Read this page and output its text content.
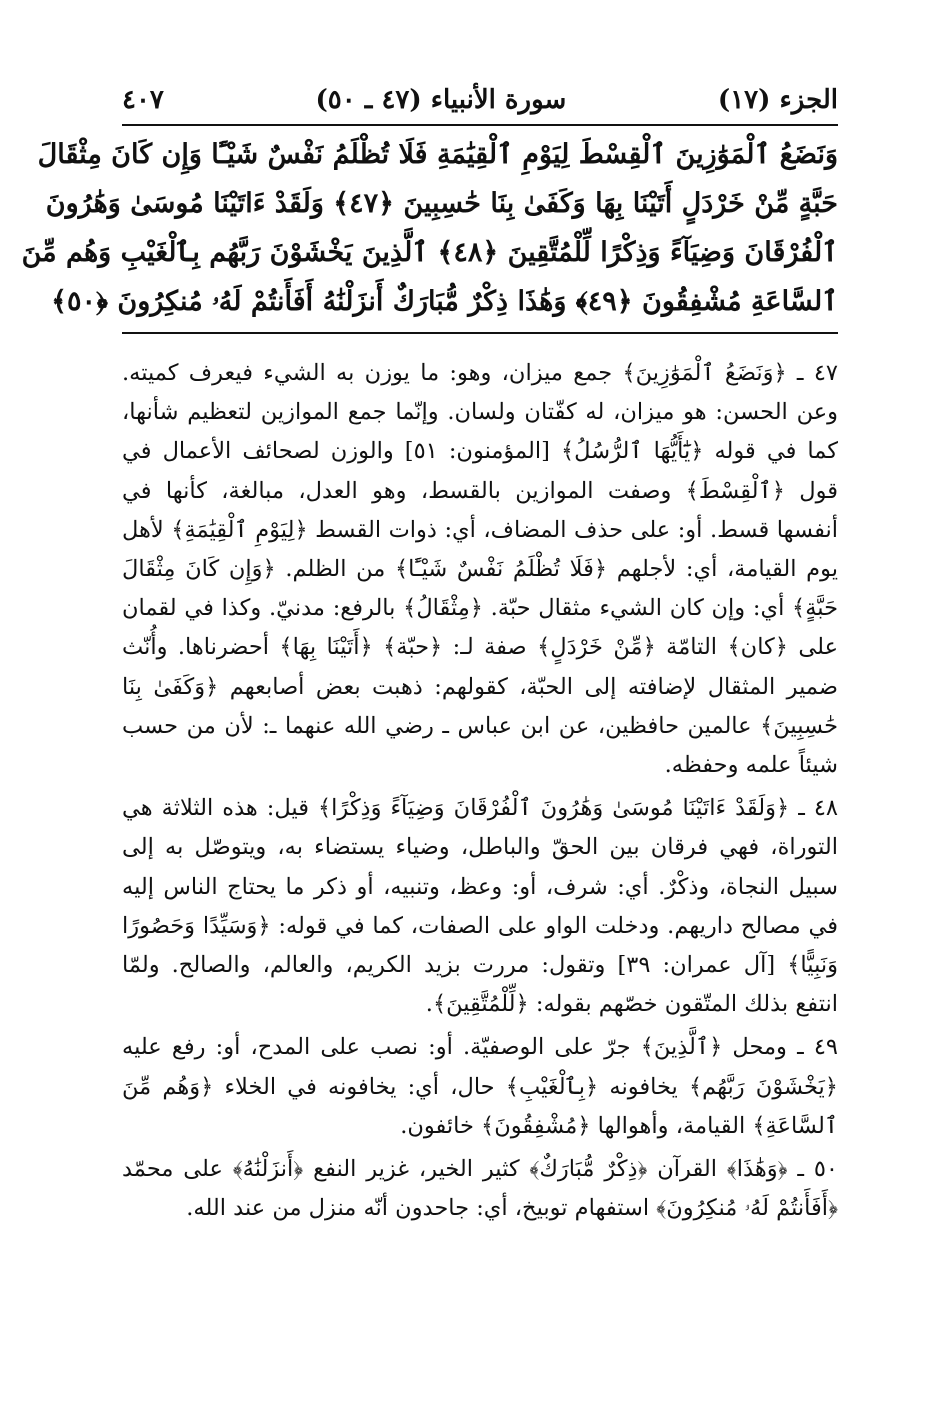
الجزء (١٧)
سورة الأنبياء (٤٧ ـ ٥٠)
٤٠٧
وَنَضَعُ ٱلْمَوَٰزِينَ ٱلْقِسْطَ لِيَوْمِ ٱلْقِيَٰمَةِ فَلَا تُظْلَمُ نَفْسٌ شَيْـًٔا وَإِن كَانَ مِثْقَالَ
حَبَّةٍ مِّنْ خَرْدَلٍ أَتَيْنَا بِهَا وَكَفَىٰ بِنَا حَٰسِبِينَ ﴿٤٧﴾ وَلَقَدْ ءَاتَيْنَا مُوسَىٰ وَهَٰرُونَ
ٱلْفُرْقَانَ وَضِيَآءً وَذِكْرًا لِّلْمُتَّقِينَ ﴿٤٨﴾ ٱلَّذِينَ يَخْشَوْنَ رَبَّهُم بِٱلْغَيْبِ وَهُم مِّنَ
ٱلسَّاعَةِ مُشْفِقُونَ ﴿٤٩﴾ وَهَٰذَا ذِكْرٌ مُّبَارَكٌ أَنزَلْنَٰهُ أَفَأَنتُمْ لَهُۥ مُنكِرُونَ ﴿٥٠﴾

٤٧ ـ ﴿وَنَضَعُ ٱلْمَوَٰزِينَ﴾ جمع ميزان، وهو: ما يوزن به الشيء فيعرف كميته. وعن الحسن: هو ميزان، له كفّتان ولسان. وإنّما جمع الموازين لتعظيم شأنها، كما في قوله ﴿يَٰٓأَيُّهَا ٱلرُّسُلُ﴾ [المؤمنون: ٥١] والوزن لصحائف الأعمال في قول ﴿ٱلْقِسْطَ﴾ وصفت الموازين بالقسط، وهو العدل، مبالغة، كأنها في أنفسها قسط. أو: على حذف المضاف، أي: ذوات القسط ﴿لِيَوْمِ ٱلْقِيَٰمَةِ﴾ لأهل يوم القيامة، أي: لأجلهم ﴿فَلَا تُظْلَمُ نَفْسٌ شَيْـًٔا﴾ من الظلم. ﴿وَإِن كَانَ مِثْقَالَ حَبَّةٍ﴾ أي: وإن كان الشيء مثقال حبّة. ﴿مِثْقَالُ﴾ بالرفع: مدنيّ. وكذا في لقمان على ﴿كان﴾ التامّة ﴿مِّنْ خَرْدَلٍ﴾ صفة لـ: ﴿حبّة﴾ ﴿أَتَيْنَا بِهَا﴾ أحضرناها. وأُنّث ضمير المثقال لإضافته إلى الحبّة، كقولهم: ذهبت بعض أصابعهم ﴿وَكَفَىٰ بِنَا حَٰسِبِينَ﴾ عالمين حافظين، عن ابن عباس ـ رضي الله عنهما ـ: لأن من حسب شيئاً علمه وحفظه.

٤٨ ـ ﴿وَلَقَدْ ءَاتَيْنَا مُوسَىٰ وَهَٰرُونَ ٱلْفُرْقَانَ وَضِيَآءً وَذِكْرًا﴾ قيل: هذه الثلاثة هي التوراة، فهي فرقان بين الحقّ والباطل، وضياء يستضاء به، ويتوصّل به إلى سبيل النجاة، وذكْرٌ. أي: شرف، أو: وعظ، وتنبيه، أو ذكر ما يحتاج الناس إليه في مصالح داريهم. ودخلت الواو على الصفات، كما في قوله: ﴿وَسَيِّدًا وَحَصُورًا وَنَبِيًّا﴾ [آل عمران: ٣٩] وتقول: مررت بزيد الكريم، والعالم، والصالح. ولمّا انتفع بذلك المتّقون خصّهم بقوله: ﴿لِّلْمُتَّقِينَ﴾.

٤٩ ـ ومحل ﴿ٱلَّذِينَ﴾ جرّ على الوصفيّة. أو: نصب على المدح، أو: رفع عليه ﴿يَخْشَوْنَ رَبَّهُم﴾ يخافونه ﴿بِٱلْغَيْبِ﴾ حال، أي: يخافونه في الخلاء ﴿وَهُم مِّنَ ٱلسَّاعَةِ﴾ القيامة، وأهوالها ﴿مُشْفِقُونَ﴾ خائفون.

٥٠ ـ ﴿وَهَٰذَا﴾ القرآن ﴿ذِكْرٌ مُّبَارَكٌ﴾ كثير الخير، غزير النفع ﴿أَنزَلْنَٰهُ﴾ على محمّد ﴿أَفَأَنتُمْ لَهُۥ مُنكِرُونَ﴾ استفهام توبيخ، أي: جاحدون أنّه منزل من عند الله.
